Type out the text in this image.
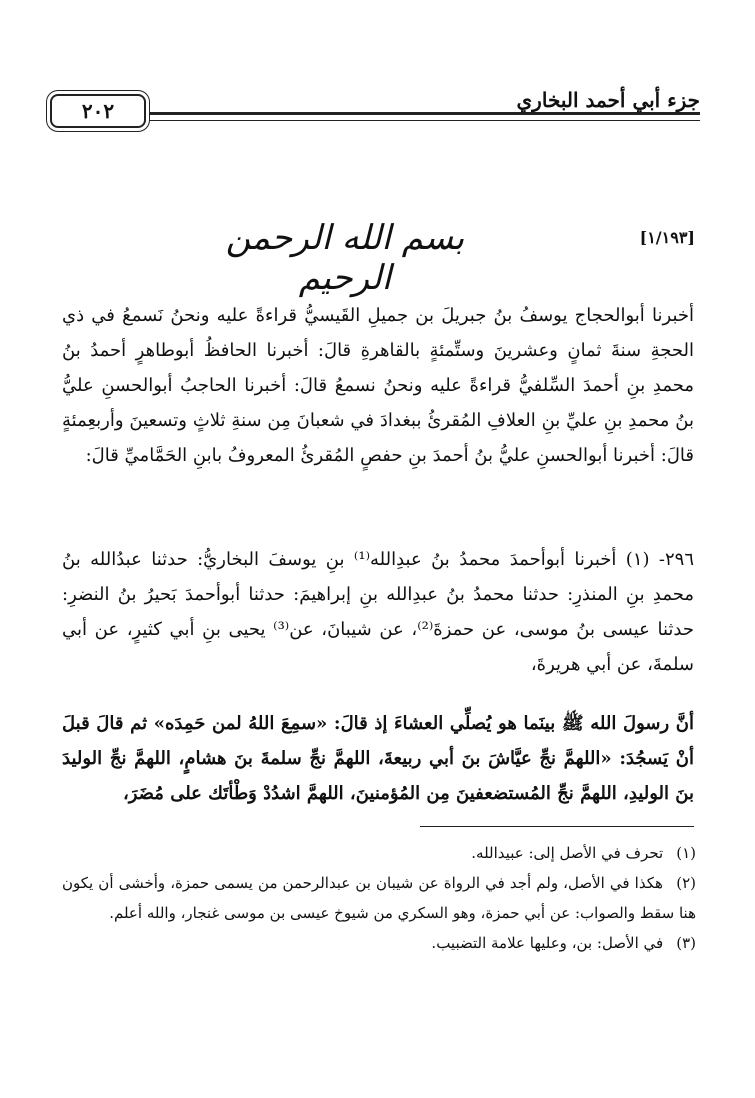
٢٠٢	جزء أبي أحمد البخاري
[١/١٩٣]
بسم الله الرحمن الرحيم

أخبرنا أبوالحجاج يوسفُ بنُ جبريلَ بن جميلِ القَيسيُّ قراءةً عليه ونحنُ نَسمعُ في ذي الحجةِ سنةَ ثمانٍ وعشرينَ وستِّمئةٍ بالقاهرةِ قالَ: أخبرنا الحافظُ أبوطاهرٍ أحمدُ بنُ محمدِ بنِ أحمدَ السِّلفيُّ قراءةً عليه ونحنُ نسمعُ قالَ: أخبرنا الحاجبُ أبوالحسنِ عليُّ بنُ محمدِ بنِ عليِّ بنِ العلافِ المُقرئُ ببغدادَ في شعبانَ مِن سنةِ ثلاثٍ وتسعينَ وأربعِمئةٍ قالَ: أخبرنا أبوالحسنِ عليُّ بنُ أحمدَ بنِ حفصٍ المُقرئُ المعروفُ بابنِ الحَمَّاميِّ قالَ:

٢٩٦- (١) أخبرنا أبوأحمدَ محمدُ بنُ عبدِالله⁽¹⁾ بنِ يوسفَ البخاريُّ: حدثنا عبدُالله بنُ محمدِ بنِ المنذرِ: حدثنا محمدُ بنُ عبدِالله بنِ إبراهيمَ: حدثنا أبوأحمدَ بَحيرُ بنُ النضرِ: حدثنا عيسى بنُ موسى، عن حمزةَ⁽²⁾، عن شيبانَ، عن⁽³⁾ يحيى بنِ أبي كثيرٍ، عن أبي سلمةَ، عن أبي هريرةَ،

أنَّ رسولَ الله ﷺ بينَما هو يُصلِّي العشاءَ إذ قالَ: «سمِعَ اللهُ لمن حَمِدَه» ثم قالَ قبلَ أنْ يَسجُدَ: «اللهمَّ نجِّ عيَّاشَ بنَ أبي ربيعةَ، اللهمَّ نجِّ سلمةَ بنَ هشامٍ، اللهمَّ نجِّ الوليدَ بنَ الوليدِ، اللهمَّ نجِّ المُستضعفينَ مِن المُؤمنينَ، اللهمَّ اشدُدْ وَطْأتَك على مُضَرَ،

(١) تحرف في الأصل إلى: عبيدالله.

(٢) هكذا في الأصل، ولم أجد في الرواة عن شيبان بن عبدالرحمن من يسمى حمزة، وأخشى أن يكون هنا سقط والصواب: عن أبي حمزة، وهو السكري من شيوخ عيسى بن موسى غنجار، والله أعلم.

(٣) في الأصل: بن، وعليها علامة التضبيب.
